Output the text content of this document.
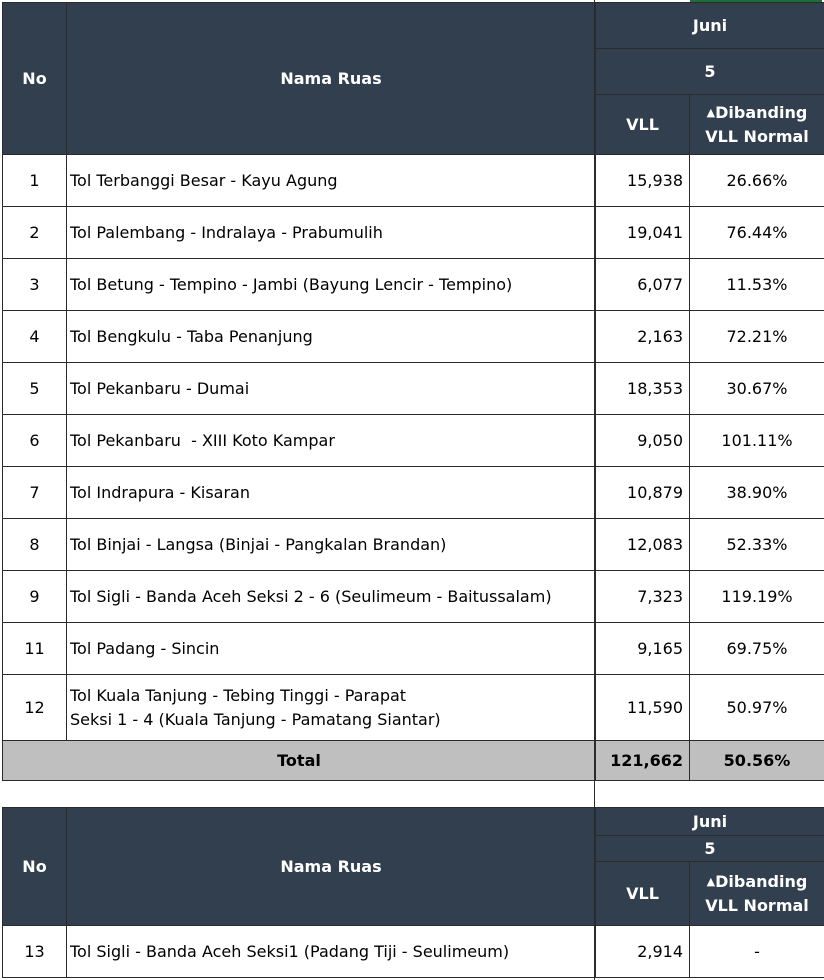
No	Nama Ruas	Juni	
		5	
		VLL	▲Dibanding
VLL Normal
1	Tol Terbanggi Besar - Kayu Agung	15,938	26.66%
2	Tol Palembang - Indralaya - Prabumulih	19,041	76.44%
3	Tol Betung - Tempino - Jambi (Bayung Lencir - Tempino)	6,077	11.53%
4	Tol Bengkulu - Taba Penanjung	2,163	72.21%
5	Tol Pekanbaru - Dumai	18,353	30.67%
6	Tol Pekanbaru  - XIII Koto Kampar	9,050	101.11%
7	Tol Indrapura - Kisaran	10,879	38.90%
8	Tol Binjai - Langsa (Binjai - Pangkalan Brandan)	12,083	52.33%
9	Tol Sigli - Banda Aceh Seksi 2 - 6 (Seulimeum - Baitussalam)	7,323	119.19%
11	Tol Padang - Sincin	9,165	69.75%
12	Tol Kuala Tanjung - Tebing Tinggi - Parapat
Seksi 1 - 4 (Kuala Tanjung - Pamatang Siantar)	11,590	50.97%
Total		121,662	50.56%
No	Nama Ruas	Juni	
		5	
		VLL	▲Dibanding
VLL Normal
13	Tol Sigli - Banda Aceh Seksi1 (Padang Tiji - Seulimeum)	2,914	-
